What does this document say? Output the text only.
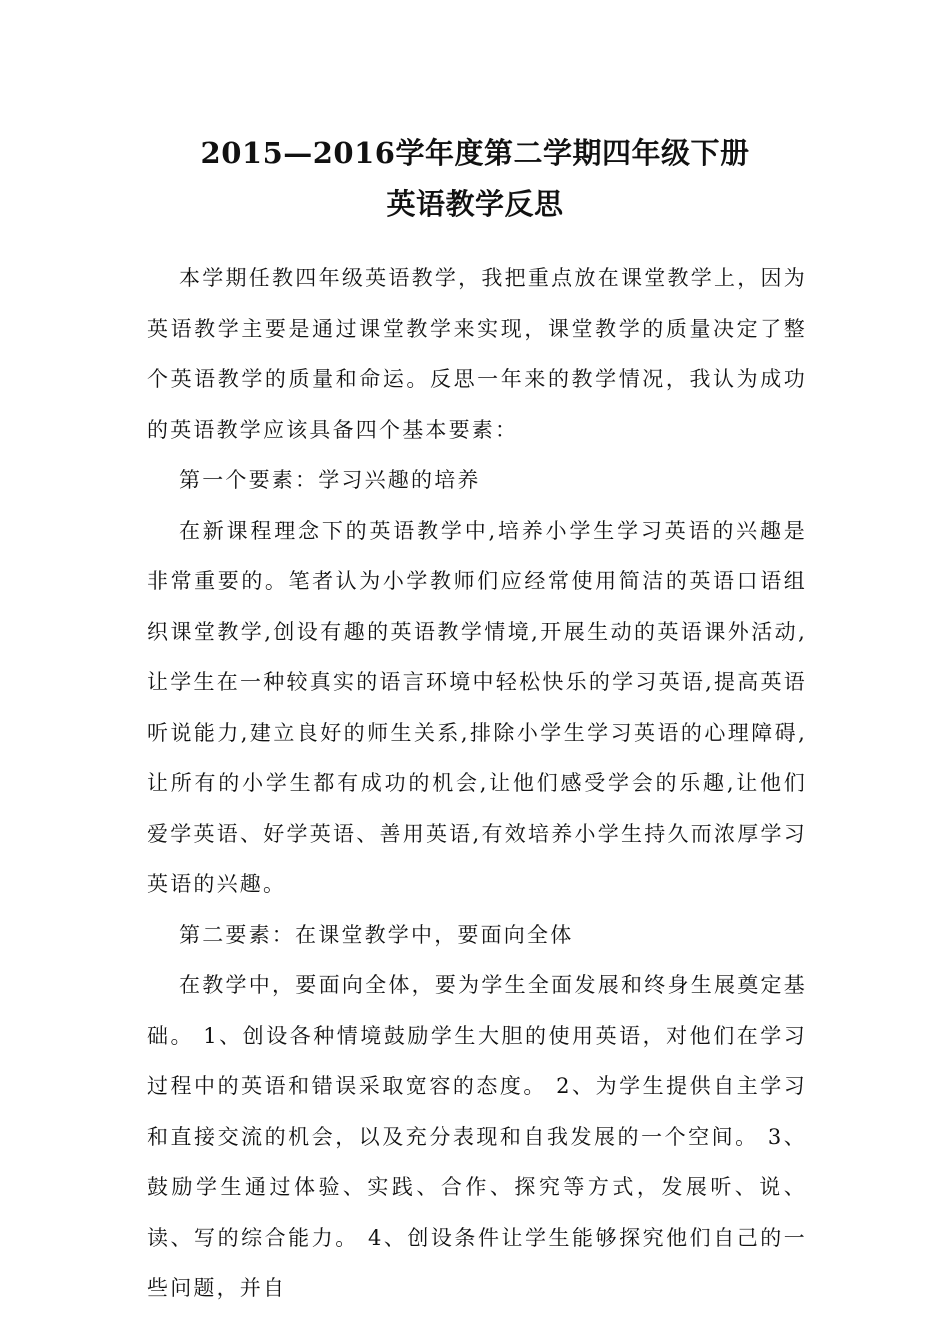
2015—2016学年度第二学期四年级下册
英语教学反思

本学期任教四年级英语教学，我把重点放在课堂教学上，因为英语教学主要是通过课堂教学来实现，课堂教学的质量决定了整个英语教学的质量和命运。反思一年来的教学情况，我认为成功的英语教学应该具备四个基本要素：

第一个要素：学习兴趣的培养

在新课程理念下的英语教学中,培养小学生学习英语的兴趣是非常重要的。笔者认为小学教师们应经常使用简洁的英语口语组织课堂教学,创设有趣的英语教学情境,开展生动的英语课外活动,让学生在一种较真实的语言环境中轻松快乐的学习英语,提高英语听说能力,建立良好的师生关系,排除小学生学习英语的心理障碍,让所有的小学生都有成功的机会,让他们感受学会的乐趣,让他们爱学英语、好学英语、善用英语,有效培养小学生持久而浓厚学习英语的兴趣。

第二要素：在课堂教学中，要面向全体

在教学中，要面向全体，要为学生全面发展和终身生展奠定基础。 1、创设各种情境鼓励学生大胆的使用英语，对他们在学习过程中的英语和错误采取宽容的态度。 2、为学生提供自主学习和直接交流的机会，以及充分表现和自我发展的一个空间。 3、鼓励学生通过体验、实践、合作、探究等方式，发展听、说、读、写的综合能力。 4、创设条件让学生能够探究他们自己的一些问题，并自
